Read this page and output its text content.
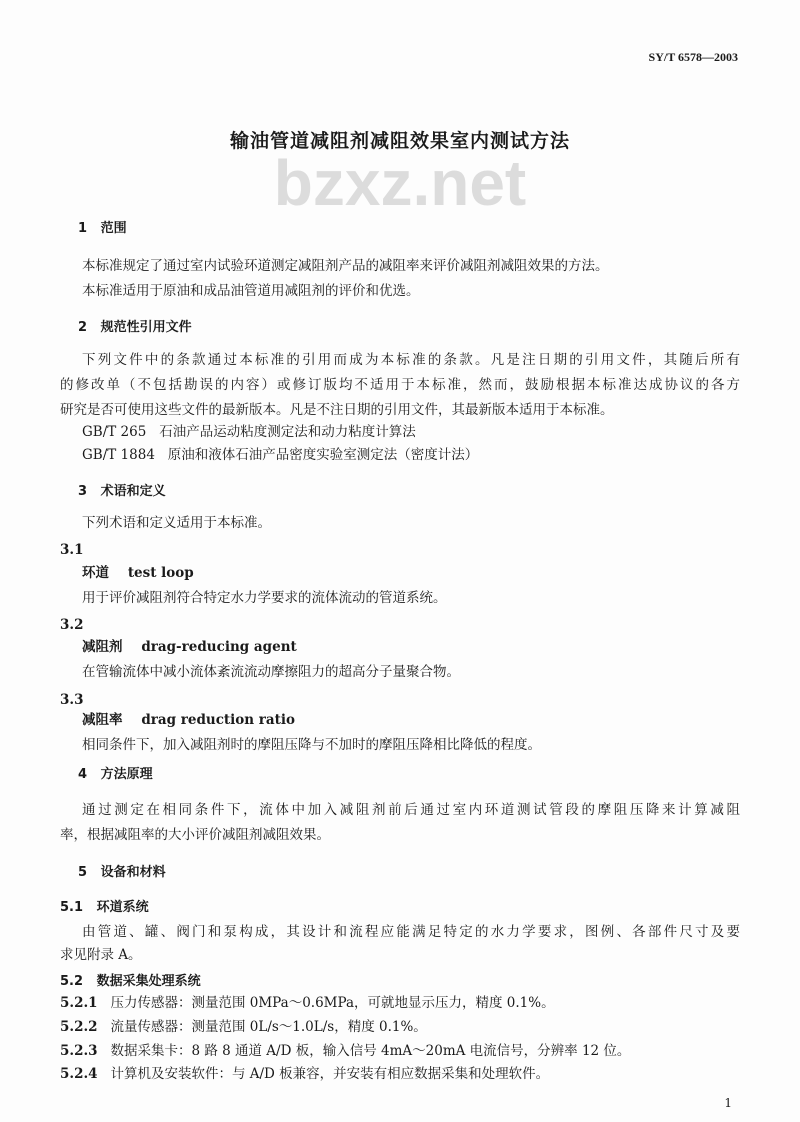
SY/T 6578—2003
bzxz.net
输油管道减阻剂减阻效果室内测试方法
1 范围
本标准规定了通过室内试验环道测定减阻剂产品的减阻率来评价减阻剂减阻效果的方法。
本标准适用于原油和成品油管道用减阻剂的评价和优选。
2 规范性引用文件
下列文件中的条款通过本标准的引用而成为本标准的条款。凡是注日期的引用文件，其随后所有
的修改单（不包括勘误的内容）或修订版均不适用于本标准，然而，鼓励根据本标准达成协议的各方
研究是否可使用这些文件的最新版本。凡是不注日期的引用文件，其最新版本适用于本标准。
GB/T 265 石油产品运动粘度测定法和动力粘度计算法
GB/T 1884 原油和液体石油产品密度实验室测定法（密度计法）
3 术语和定义
下列术语和定义适用于本标准。
3.1
环道 test loop
用于评价减阻剂符合特定水力学要求的流体流动的管道系统。
3.2
减阻剂 drag-reducing agent
在管输流体中减小流体紊流流动摩擦阻力的超高分子量聚合物。
3.3
减阻率 drag reduction ratio
相同条件下，加入减阻剂时的摩阻压降与不加时的摩阻压降相比降低的程度。
4 方法原理
通过测定在相同条件下，流体中加入减阻剂前后通过室内环道测试管段的摩阻压降来计算减阻
率，根据减阻率的大小评价减阻剂减阻效果。
5 设备和材料
5.1 环道系统
由管道、罐、阀门和泵构成，其设计和流程应能满足特定的水力学要求，图例、各部件尺寸及要
求见附录 A。
5.2 数据采集处理系统
5.2.1 压力传感器：测量范围 0MPa～0.6MPa，可就地显示压力，精度 0.1%。
5.2.2 流量传感器：测量范围 0L/s～1.0L/s，精度 0.1%。
5.2.3 数据采集卡：8 路 8 通道 A/D 板，输入信号 4mA～20mA 电流信号，分辨率 12 位。
5.2.4 计算机及安装软件：与 A/D 板兼容，并安装有相应数据采集和处理软件。
1
